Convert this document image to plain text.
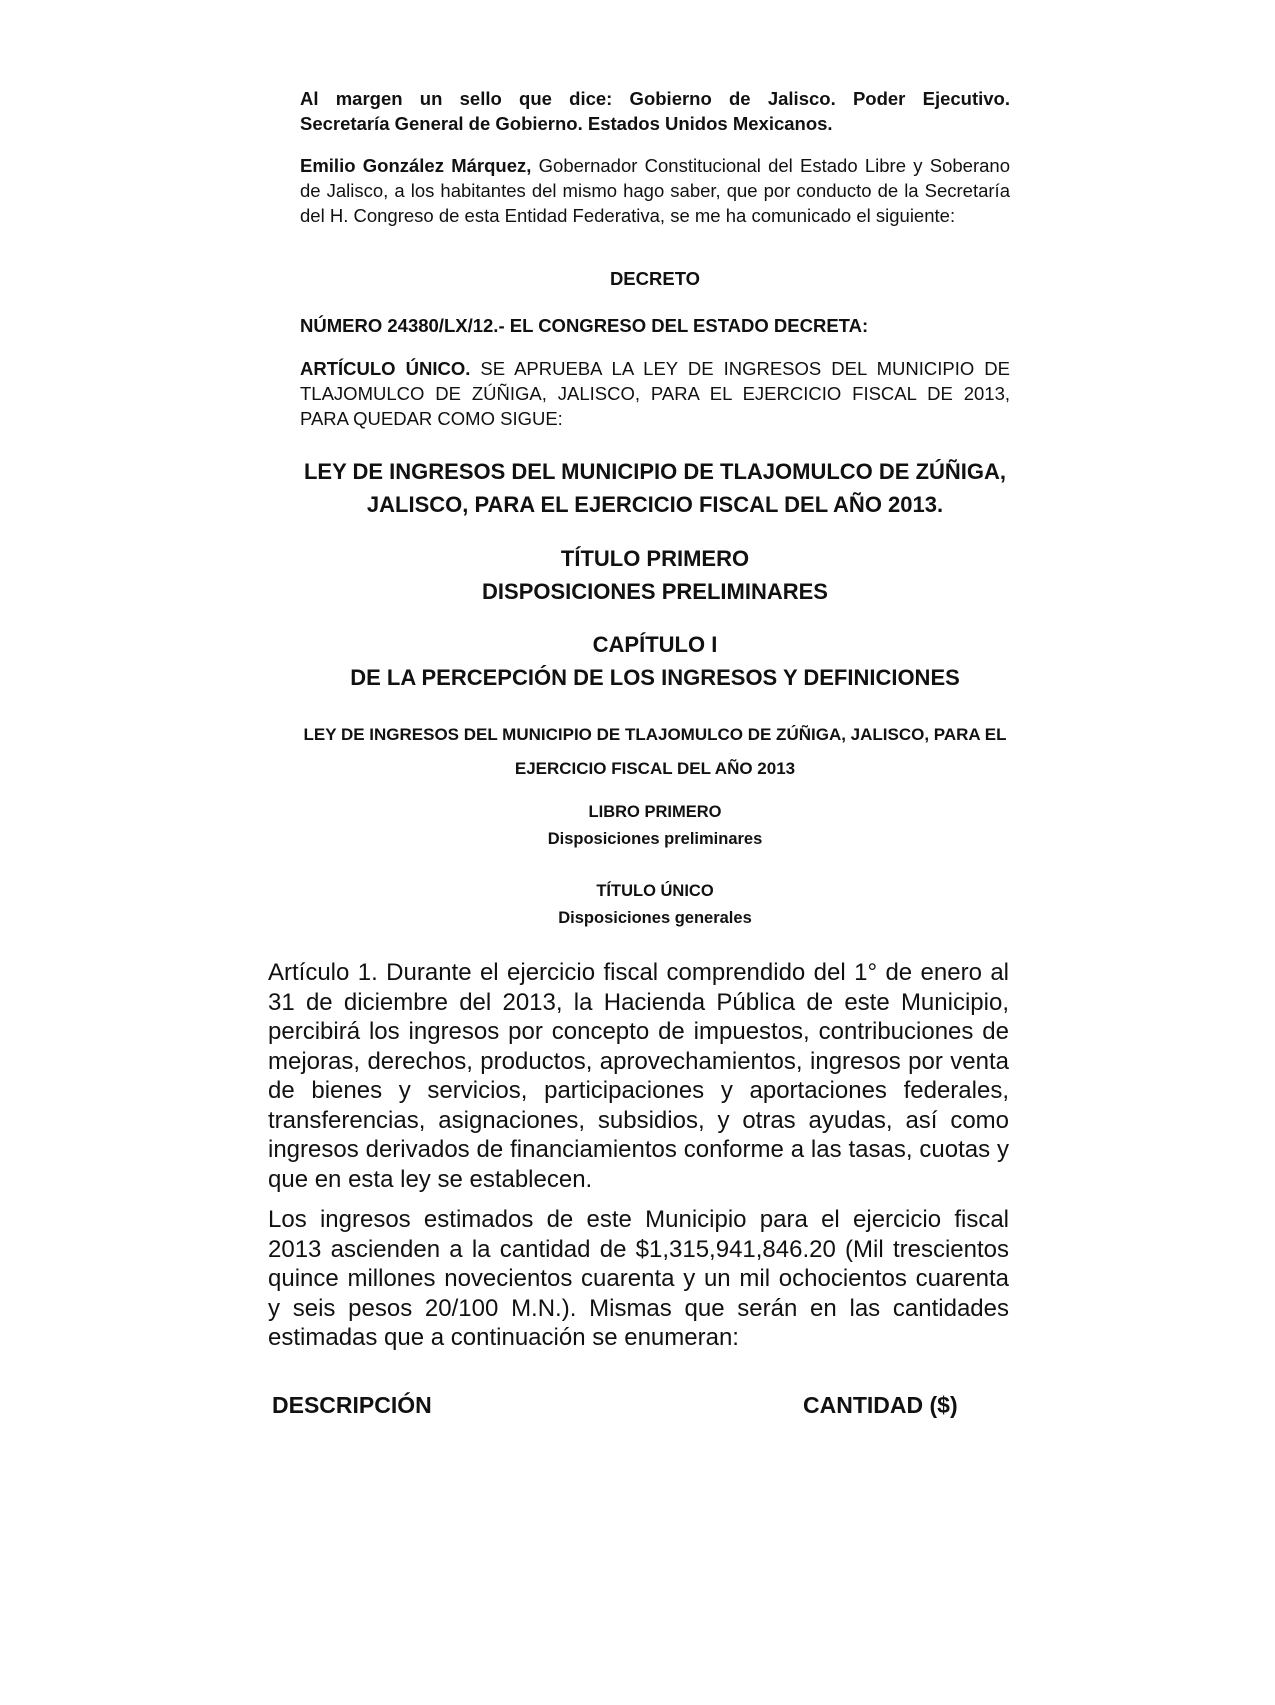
Al margen un sello que dice: Gobierno de Jalisco. Poder Ejecutivo.
Secretaría General de Gobierno. Estados Unidos Mexicanos.
Emilio González Márquez, Gobernador Constitucional del Estado Libre y Soberano de Jalisco, a los habitantes del mismo hago saber, que por conducto de la Secretaría del H. Congreso de esta Entidad Federativa, se me ha comunicado el siguiente:
DECRETO
NÚMERO 24380/LX/12.- EL CONGRESO DEL ESTADO DECRETA:
ARTÍCULO ÚNICO. SE APRUEBA LA LEY DE INGRESOS DEL MUNICIPIO DE TLAJOMULCO DE ZÚÑIGA, JALISCO, PARA EL EJERCICIO FISCAL DE 2013, PARA QUEDAR COMO SIGUE:
LEY DE INGRESOS DEL MUNICIPIO DE TLAJOMULCO DE ZÚÑIGA,
JALISCO, PARA EL EJERCICIO FISCAL DEL AÑO 2013.
TÍTULO PRIMERO
DISPOSICIONES PRELIMINARES
CAPÍTULO I
DE LA PERCEPCIÓN DE LOS INGRESOS Y DEFINICIONES
LEY DE INGRESOS DEL MUNICIPIO DE TLAJOMULCO DE ZÚÑIGA, JALISCO, PARA EL
EJERCICIO FISCAL DEL AÑO 2013
LIBRO PRIMERO
Disposiciones preliminares
TÍTULO ÚNICO
Disposiciones generales
Artículo 1. Durante el ejercicio fiscal comprendido del 1° de enero al 31 de diciembre del 2013, la Hacienda Pública de este Municipio, percibirá los ingresos por concepto de impuestos, contribuciones de mejoras, derechos, productos, aprovechamientos, ingresos por venta de bienes y servicios, participaciones y aportaciones federales, transferencias, asignaciones, subsidios, y otras ayudas, así como ingresos derivados de financiamientos conforme a las tasas, cuotas y que en esta ley se establecen.
Los ingresos estimados de este Municipio para el ejercicio fiscal 2013 ascienden a la cantidad de $1,315,941,846.20 (Mil trescientos quince millones novecientos cuarenta y un mil ochocientos cuarenta y seis pesos 20/100 M.N.). Mismas que serán en las cantidades estimadas que a continuación se enumeran:
DESCRIPCIÓN	CANTIDAD ($)
